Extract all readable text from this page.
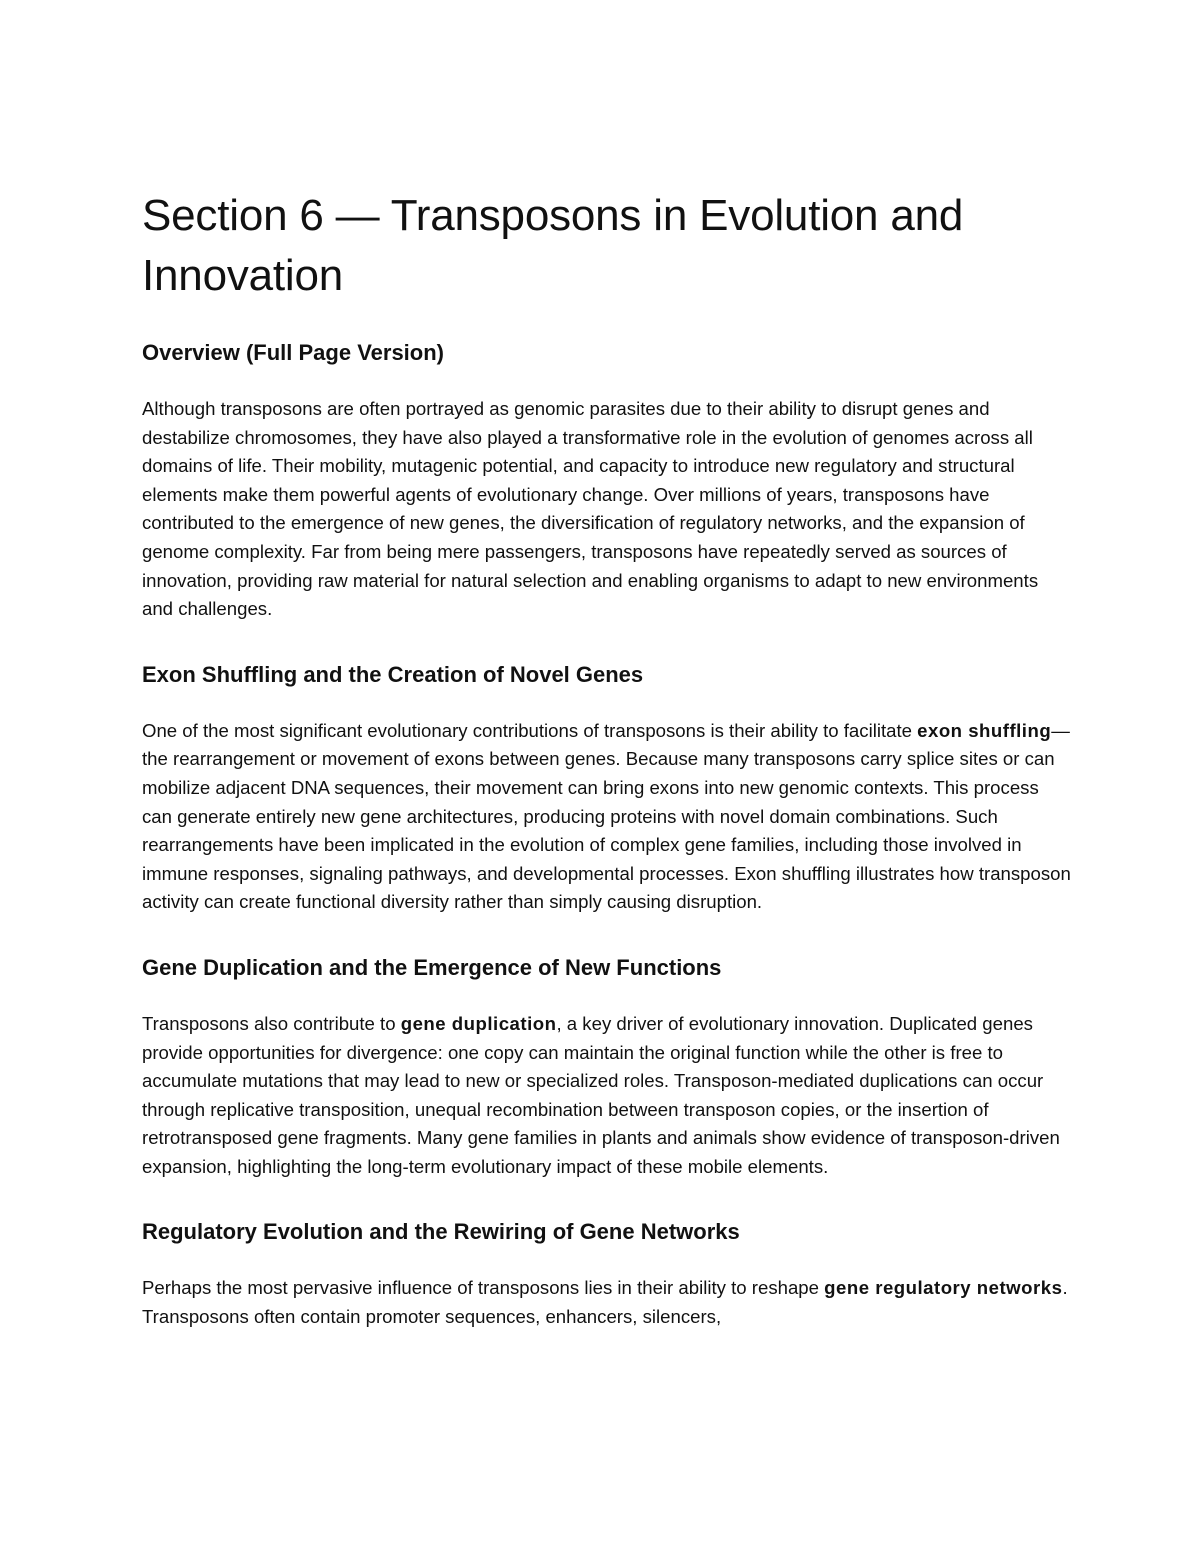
Section 6 — Transposons in Evolution and Innovation
Overview (Full Page Version)

Although transposons are often portrayed as genomic parasites due to their ability to disrupt genes and destabilize chromosomes, they have also played a transformative role in the evolution of genomes across all domains of life. Their mobility, mutagenic potential, and capacity to introduce new regulatory and structural elements make them powerful agents of evolutionary change. Over millions of years, transposons have contributed to the emergence of new genes, the diversification of regulatory networks, and the expansion of genome complexity. Far from being mere passengers, transposons have repeatedly served as sources of innovation, providing raw material for natural selection and enabling organisms to adapt to new environments and challenges.

Exon Shuffling and the Creation of Novel Genes

One of the most significant evolutionary contributions of transposons is their ability to facilitate exon shuffling—the rearrangement or movement of exons between genes. Because many transposons carry splice sites or can mobilize adjacent DNA sequences, their movement can bring exons into new genomic contexts. This process can generate entirely new gene architectures, producing proteins with novel domain combinations. Such rearrangements have been implicated in the evolution of complex gene families, including those involved in immune responses, signaling pathways, and developmental processes. Exon shuffling illustrates how transposon activity can create functional diversity rather than simply causing disruption.

Gene Duplication and the Emergence of New Functions

Transposons also contribute to gene duplication, a key driver of evolutionary innovation. Duplicated genes provide opportunities for divergence: one copy can maintain the original function while the other is free to accumulate mutations that may lead to new or specialized roles. Transposon-mediated duplications can occur through replicative transposition, unequal recombination between transposon copies, or the insertion of retrotransposed gene fragments. Many gene families in plants and animals show evidence of transposon-driven expansion, highlighting the long-term evolutionary impact of these mobile elements.

Regulatory Evolution and the Rewiring of Gene Networks

Perhaps the most pervasive influence of transposons lies in their ability to reshape gene regulatory networks. Transposons often contain promoter sequences, enhancers, silencers,
